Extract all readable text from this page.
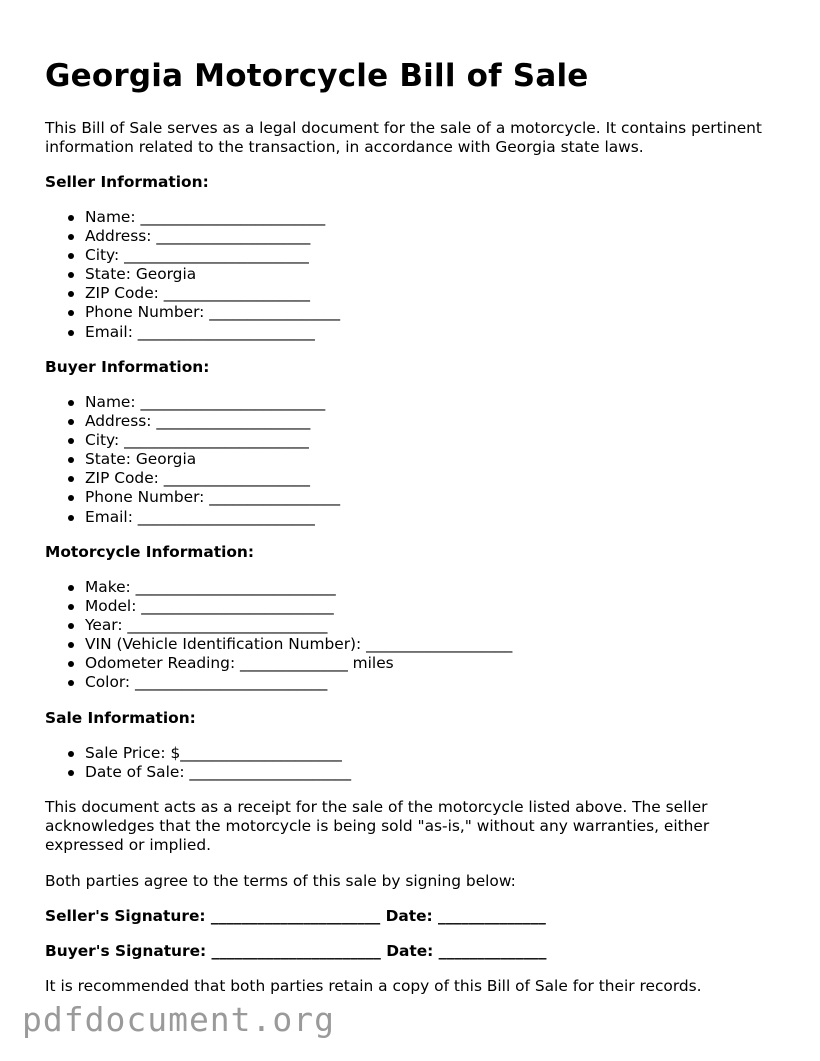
Georgia Motorcycle Bill of Sale

This Bill of Sale serves as a legal document for the sale of a motorcycle. It contains pertinent information related to the transaction, in accordance with Georgia state laws.

Seller Information:
Name: ________________________
Address: ____________________
City: ________________________
State: Georgia
ZIP Code: ___________________
Phone Number: _________________
Email: _______________________
Buyer Information:
Name: ________________________
Address: ____________________
City: ________________________
State: Georgia
ZIP Code: ___________________
Phone Number: _________________
Email: _______________________
Motorcycle Information:
Make: __________________________
Model: _________________________
Year: __________________________
VIN (Vehicle Identification Number): ___________________
Odometer Reading: ______________ miles
Color: _________________________
Sale Information:
Sale Price: $_____________________
Date of Sale: _____________________

This document acts as a receipt for the sale of the motorcycle listed above. The seller acknowledges that the motorcycle is being sold "as-is," without any warranties, either expressed or implied.

Both parties agree to the terms of this sale by signing below:

Seller's Signature: ______________________ Date: ______________
Buyer's Signature: ______________________ Date: ______________

It is recommended that both parties retain a copy of this Bill of Sale for their records.

pdfdocument.org
